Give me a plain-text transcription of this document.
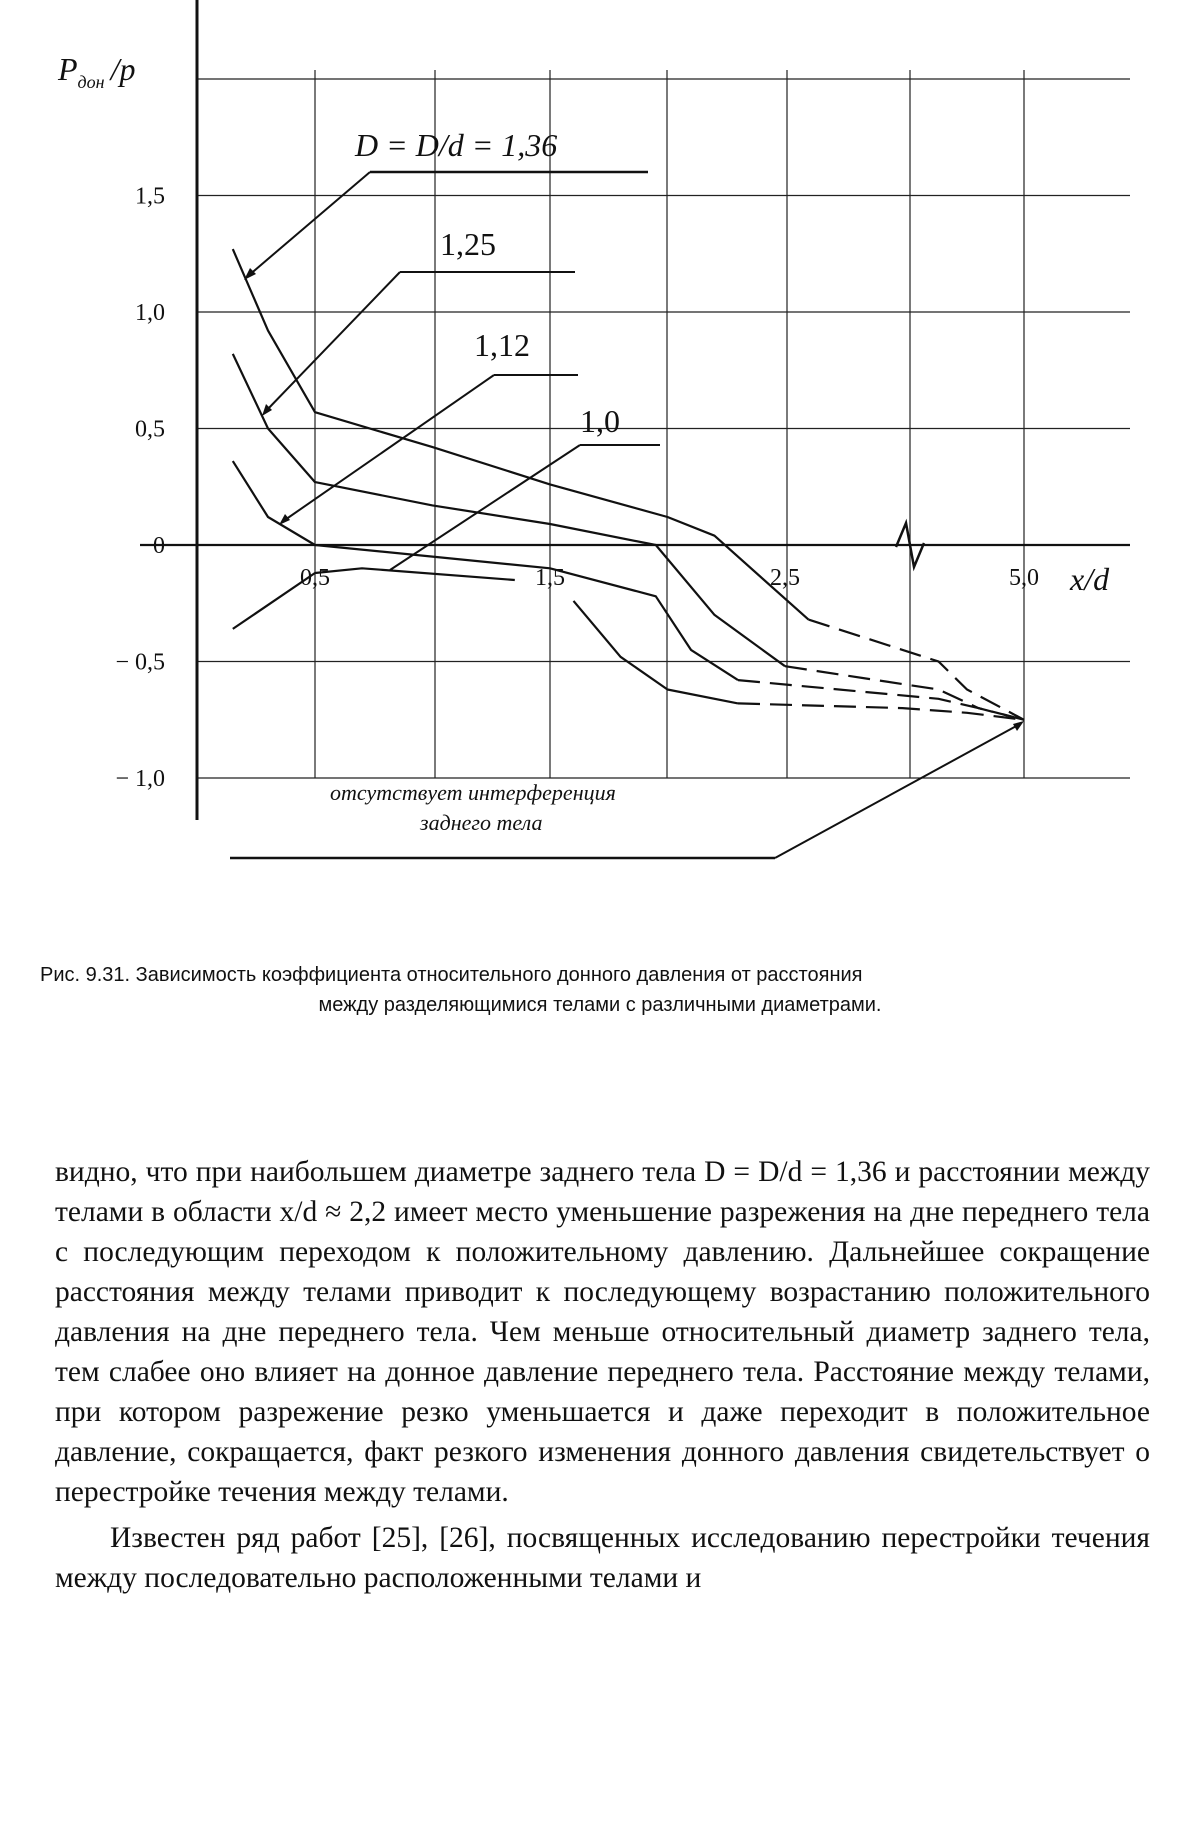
1,5
1,0
0,5
0
− 0,5
− 1,0
0,5	1,5	2,5	5,0
$P_{дон}$ /p
x/d
D = D/d = 1,36
1,25
1,12
1,0
отсутствует интерференция
заднего тела
Рис. 9.31. Зависимость коэффициента относительного донного давления от расстояния
между разделяющимися телами с различными диаметрами.

видно, что при наибольшем диаметре заднего тела D = D/d = 1,36 и расстоянии между телами в области x/d ≈ 2,2 имеет место уменьшение разрежения на дне переднего тела с последующим переходом к положительному давлению. Дальнейшее сокращение расстояния между телами приводит к последующему возрастанию положительного давления на дне переднего тела. Чем меньше относительный диаметр заднего тела, тем слабее оно влияет на донное давление переднего тела. Расстояние между телами, при котором разрежение резко уменьшается и даже переходит в положительное давление, сокращается, факт резкого изменения донного давления свидетельствует о перестройке течения между телами.

Известен ряд работ [25], [26], посвященных исследованию перестройки течения между последовательно расположенными телами и
